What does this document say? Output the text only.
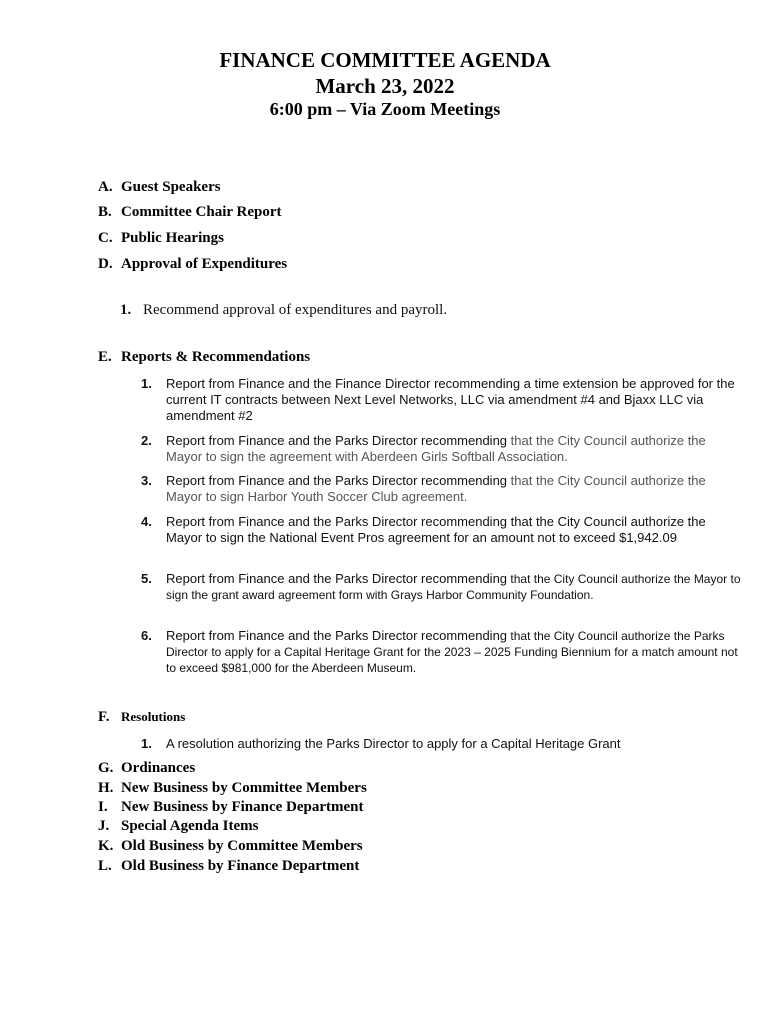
FINANCE COMMITTEE AGENDA
March 23, 2022
6:00 pm – Via Zoom Meetings
A. Guest Speakers
B. Committee Chair Report
C. Public Hearings
D. Approval of Expenditures
1. Recommend approval of expenditures and payroll.
E. Reports & Recommendations
1. Report from Finance and the Finance Director recommending a time extension be approved for the current IT contracts between Next Level Networks, LLC via amendment #4 and Bjaxx LLC via amendment #2
2. Report from Finance and the Parks Director recommending that the City Council authorize the Mayor to sign the agreement with Aberdeen Girls Softball Association.
3. Report from Finance and the Parks Director recommending that the City Council authorize the Mayor to sign Harbor Youth Soccer Club agreement.
4. Report from Finance and the Parks Director recommending that the City Council authorize the Mayor to sign the National Event Pros agreement for an amount not to exceed $1,942.09
5. Report from Finance and the Parks Director recommending that the City Council authorize the Mayor to sign the grant award agreement form with Grays Harbor Community Foundation.
6. Report from Finance and the Parks Director recommending that the City Council authorize the Parks Director to apply for a Capital Heritage Grant for the 2023 – 2025 Funding Biennium for a match amount not to exceed $981,000 for the Aberdeen Museum.
F. Resolutions
1. A resolution authorizing the Parks Director to apply for a Capital Heritage Grant
G. Ordinances
H. New Business by Committee Members
I. New Business by Finance Department
J. Special Agenda Items
K. Old Business by Committee Members
L. Old Business by Finance Department
